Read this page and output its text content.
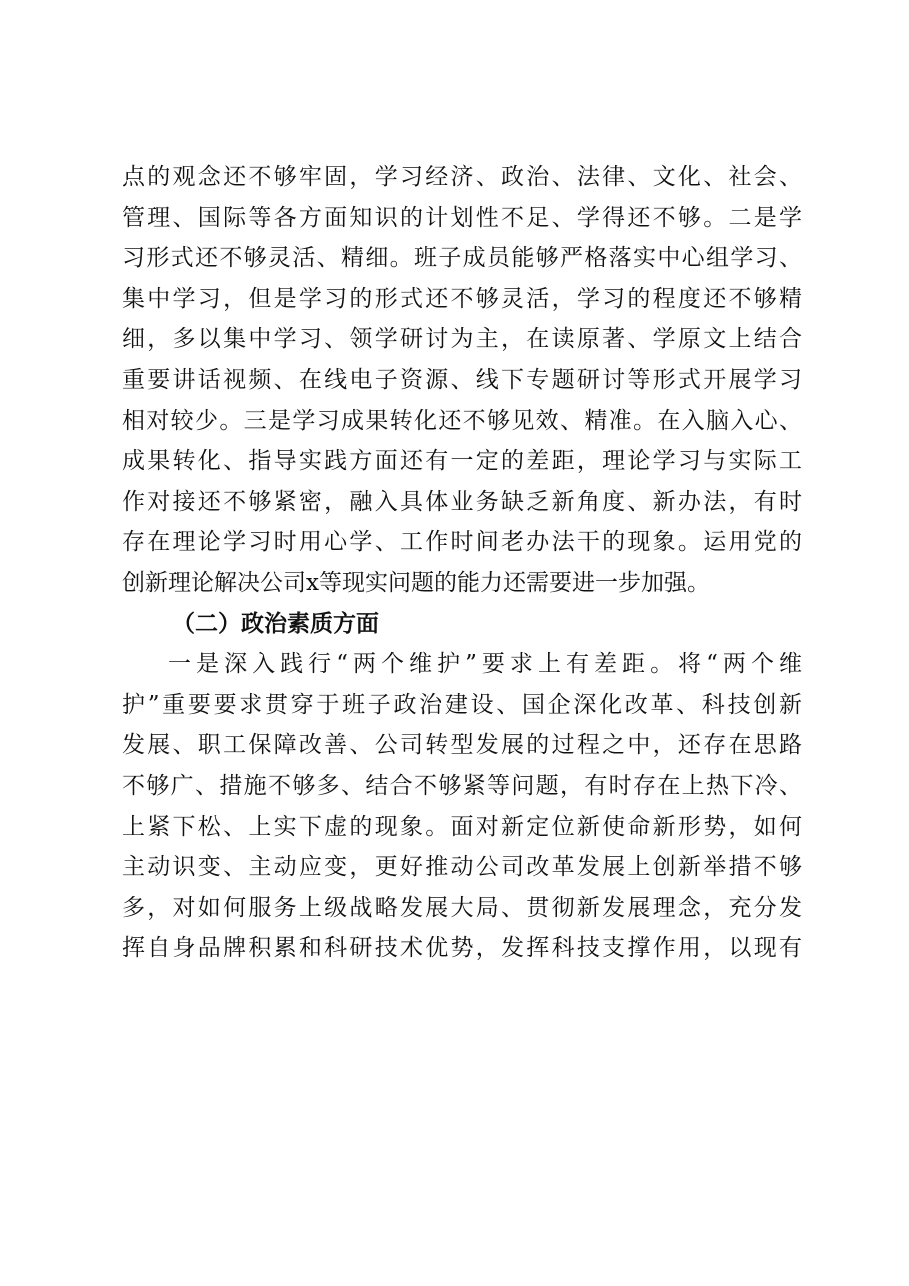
点的观念还不够牢固，学习经济、政治、法律、文化、社会、
管理、国际等各方面知识的计划性不足、学得还不够。二是学
习形式还不够灵活、精细。班子成员能够严格落实中心组学习、
集中学习，但是学习的形式还不够灵活，学习的程度还不够精
细，多以集中学习、领学研讨为主，在读原著、学原文上结合
重要讲话视频、在线电子资源、线下专题研讨等形式开展学习
相对较少。三是学习成果转化还不够见效、精准。在入脑入心、
成果转化、指导实践方面还有一定的差距，理论学习与实际工
作对接还不够紧密，融入具体业务缺乏新角度、新办法，有时
存在理论学习时用心学、工作时间老办法干的现象。运用党的
创新理论解决公司x等现实问题的能力还需要进一步加强。
（二）政治素质方面
一是深入践行“两个维护”要求上有差距。将“两个维
护”重要要求贯穿于班子政治建设、国企深化改革、科技创新
发展、职工保障改善、公司转型发展的过程之中，还存在思路
不够广、措施不够多、结合不够紧等问题，有时存在上热下冷、
上紧下松、上实下虚的现象。面对新定位新使命新形势，如何
主动识变、主动应变，更好推动公司改革发展上创新举措不够
多，对如何服务上级战略发展大局、贯彻新发展理念，充分发
挥自身品牌积累和科研技术优势，发挥科技支撑作用，以现有
